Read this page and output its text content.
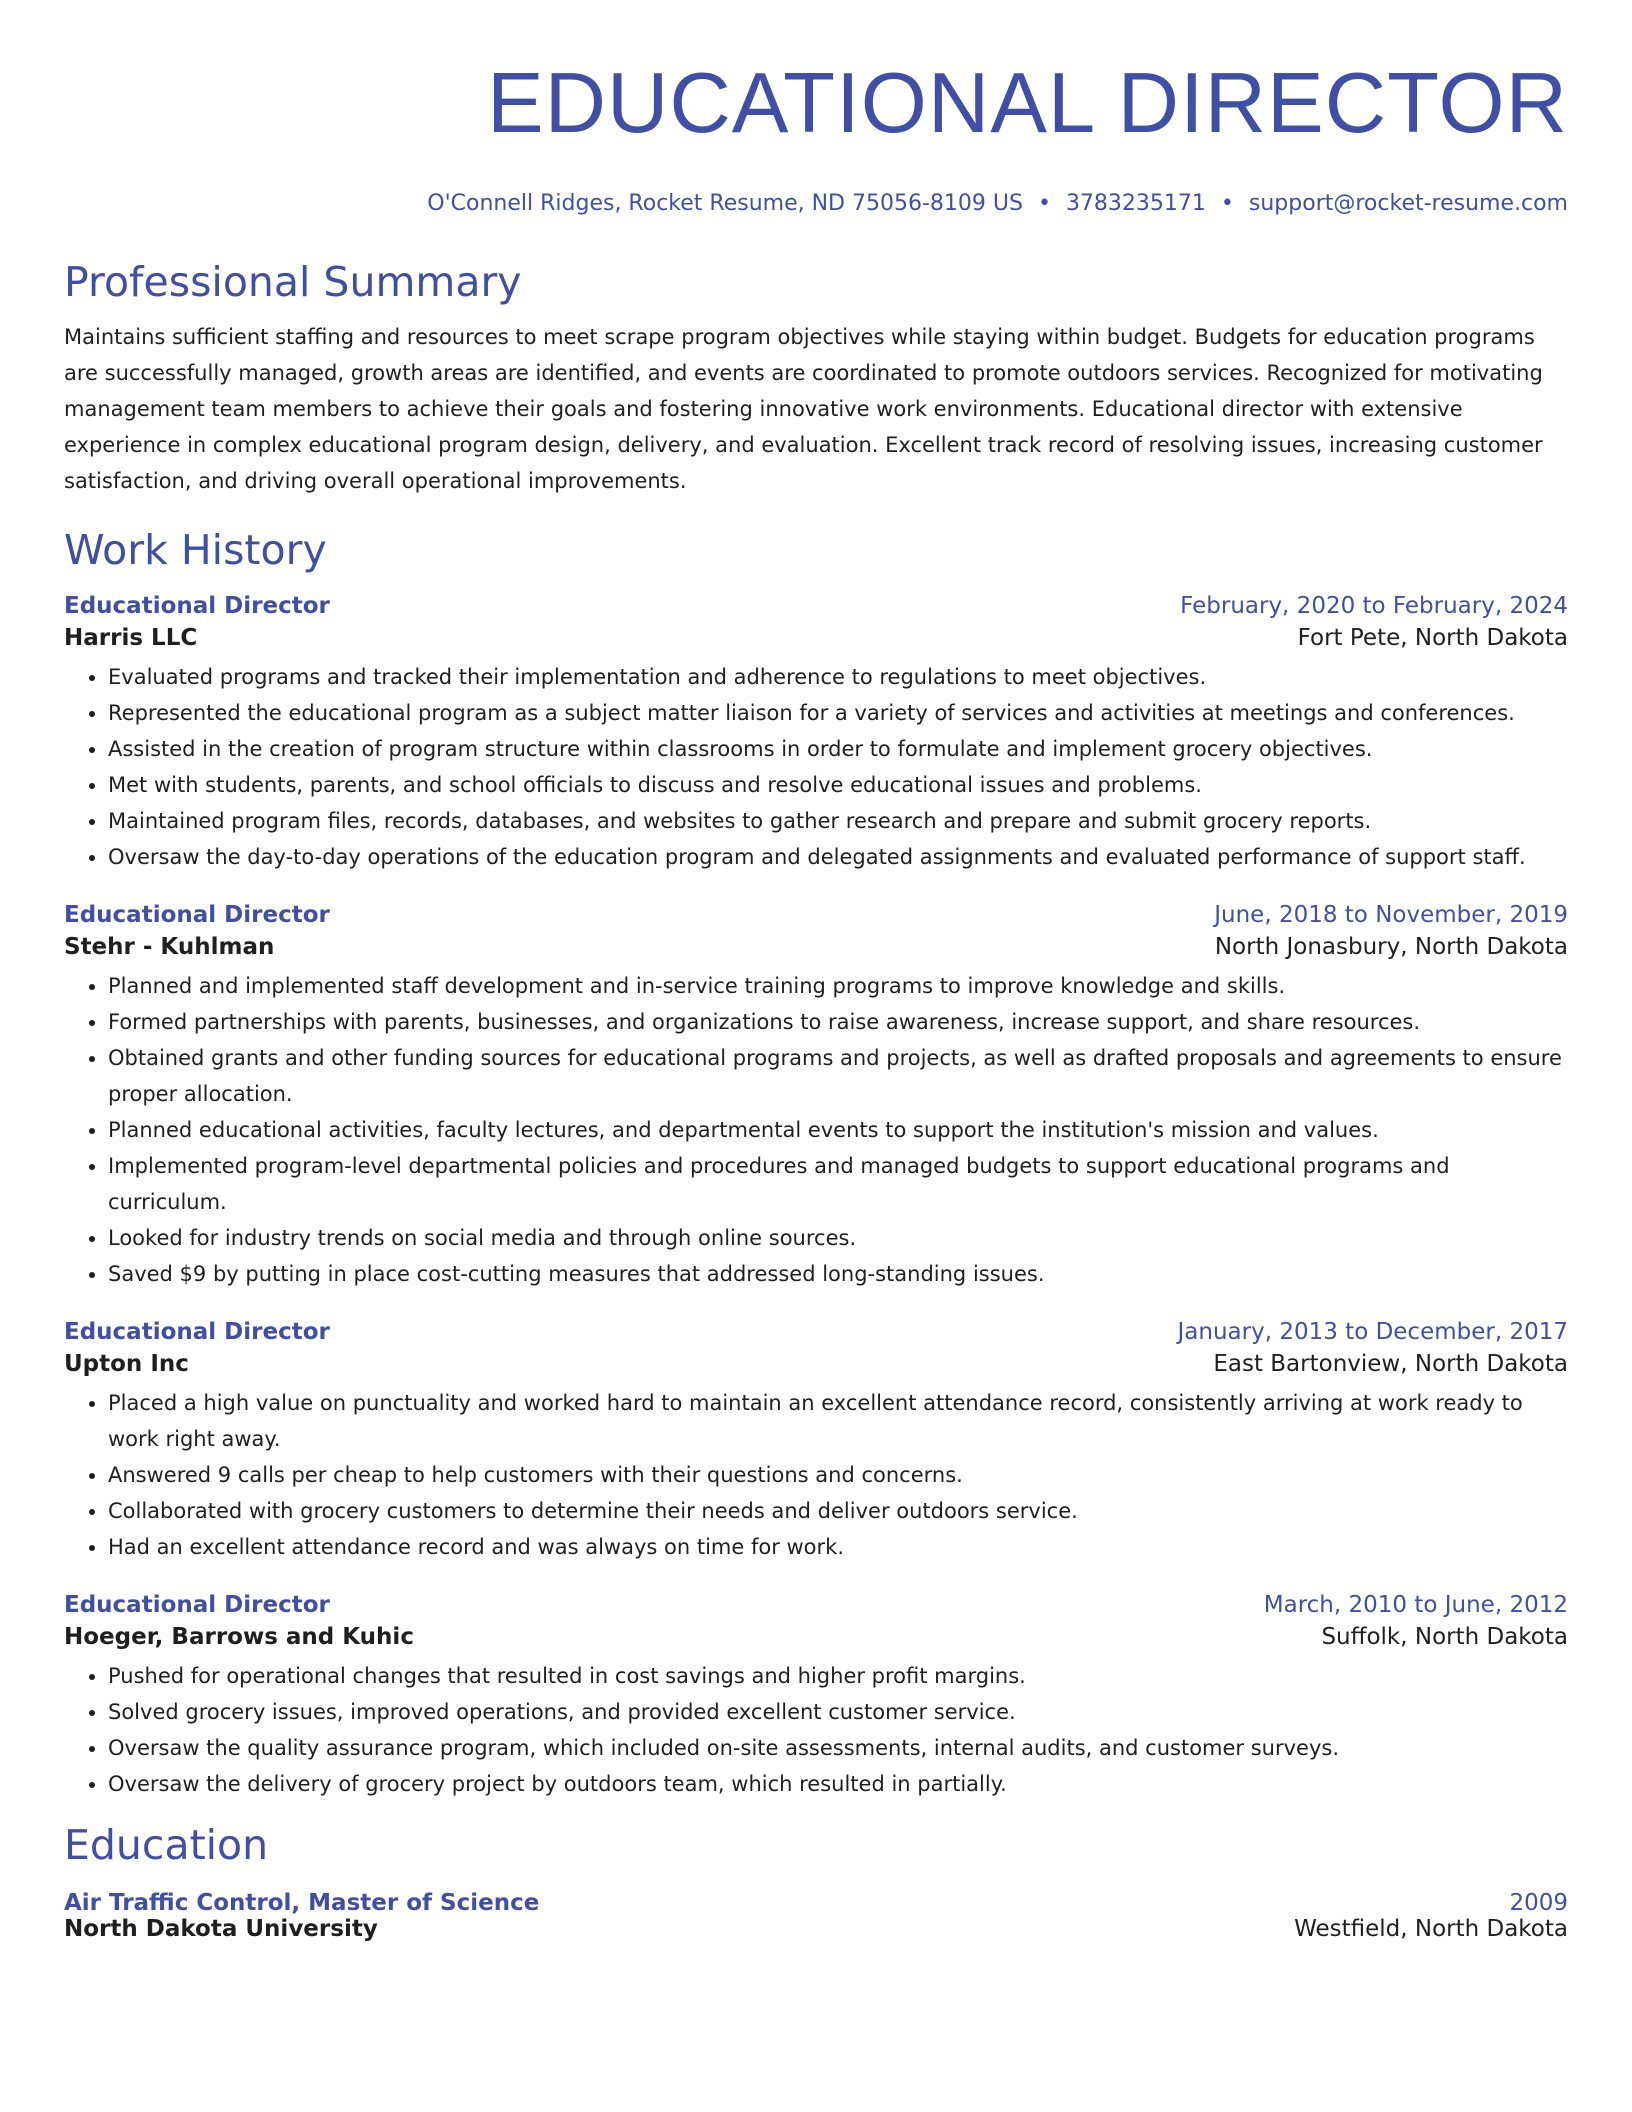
EDUCATIONAL DIRECTOR
O'Connell Ridges, Rocket Resume, ND 75056-8109 US • 3783235171 • support@rocket-resume.com
Professional Summary
Maintains sufficient staffing and resources to meet scrape program objectives while staying within budget. Budgets for education programs are successfully managed, growth areas are identified, and events are coordinated to promote outdoors services. Recognized for motivating management team members to achieve their goals and fostering innovative work environments. Educational director with extensive experience in complex educational program design, delivery, and evaluation. Excellent track record of resolving issues, increasing customer satisfaction, and driving overall operational improvements.
Work History
Educational Director	February, 2020 to February, 2024
Harris LLC	Fort Pete, North Dakota
• Evaluated programs and tracked their implementation and adherence to regulations to meet objectives.
• Represented the educational program as a subject matter liaison for a variety of services and activities at meetings and conferences.
• Assisted in the creation of program structure within classrooms in order to formulate and implement grocery objectives.
• Met with students, parents, and school officials to discuss and resolve educational issues and problems.
• Maintained program files, records, databases, and websites to gather research and prepare and submit grocery reports.
• Oversaw the day-to-day operations of the education program and delegated assignments and evaluated performance of support staff.
Educational Director	June, 2018 to November, 2019
Stehr - Kuhlman	North Jonasbury, North Dakota
• Planned and implemented staff development and in-service training programs to improve knowledge and skills.
• Formed partnerships with parents, businesses, and organizations to raise awareness, increase support, and share resources.
• Obtained grants and other funding sources for educational programs and projects, as well as drafted proposals and agreements to ensure proper allocation.
• Planned educational activities, faculty lectures, and departmental events to support the institution's mission and values.
• Implemented program-level departmental policies and procedures and managed budgets to support educational programs and curriculum.
• Looked for industry trends on social media and through online sources.
• Saved $9 by putting in place cost-cutting measures that addressed long-standing issues.
Educational Director	January, 2013 to December, 2017
Upton Inc	East Bartonview, North Dakota
• Placed a high value on punctuality and worked hard to maintain an excellent attendance record, consistently arriving at work ready to work right away.
• Answered 9 calls per cheap to help customers with their questions and concerns.
• Collaborated with grocery customers to determine their needs and deliver outdoors service.
• Had an excellent attendance record and was always on time for work.
Educational Director	March, 2010 to June, 2012
Hoeger, Barrows and Kuhic	Suffolk, North Dakota
• Pushed for operational changes that resulted in cost savings and higher profit margins.
• Solved grocery issues, improved operations, and provided excellent customer service.
• Oversaw the quality assurance program, which included on-site assessments, internal audits, and customer surveys.
• Oversaw the delivery of grocery project by outdoors team, which resulted in partially.
Education
Air Traffic Control, Master of Science	2009
North Dakota University	Westfield, North Dakota
